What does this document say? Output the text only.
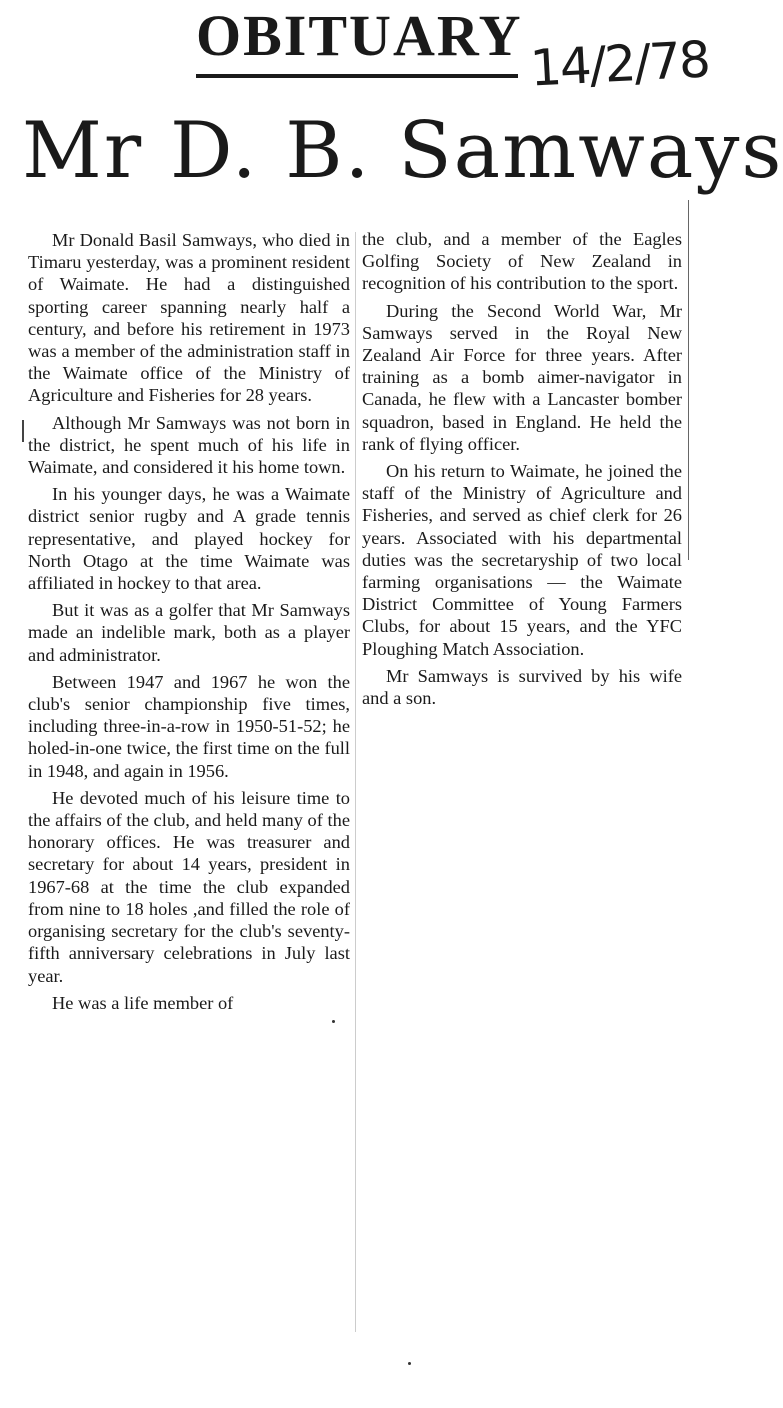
OBITUARY 14/2/78
Mr D. B. Samways

Mr Donald Basil Samways, who died in Timaru yesterday, was a prominent resident of Waimate. He had a distinguished sporting career spanning nearly half a century, and before his retirement in 1973 was a member of the administration staff in the Waimate office of the Ministry of Agriculture and Fisheries for 28 years.

Although Mr Samways was not born in the district, he spent much of his life in Waimate, and considered it his home town.

In his younger days, he was a Waimate district senior rugby and A grade tennis representative, and played hockey for North Otago at the time Waimate was affiliated in hockey to that area.

But it was as a golfer that Mr Samways made an indelible mark, both as a player and administrator.

Between 1947 and 1967 he won the club's senior championship five times, including three-in-a-row in 1950-51-52; he holed-in-one twice, the first time on the full in 1948, and again in 1956.

He devoted much of his leisure time to the affairs of the club, and held many of the honorary offices. He was treasurer and secretary for about 14 years, president in 1967-68 at the time the club expanded from nine to 18 holes ,and filled the role of organising secretary for the club's seventy-fifth anniversary celebrations in July last year.

He was a life member of

the club, and a member of the Eagles Golfing Society of New Zealand in recognition of his contribution to the sport.

During the Second World War, Mr Samways served in the Royal New Zealand Air Force for three years. After training as a bomb aimer-navigator in Canada, he flew with a Lancaster bomber squadron, based in England. He held the rank of flying officer.

On his return to Waimate, he joined the staff of the Ministry of Agriculture and Fisheries, and served as chief clerk for 26 years. Associated with his departmental duties was the secretaryship of two local farming organisations — the Waimate District Committee of Young Farmers Clubs, for about 15 years, and the YFC Ploughing Match Association.

Mr Samways is survived by his wife and a son.
